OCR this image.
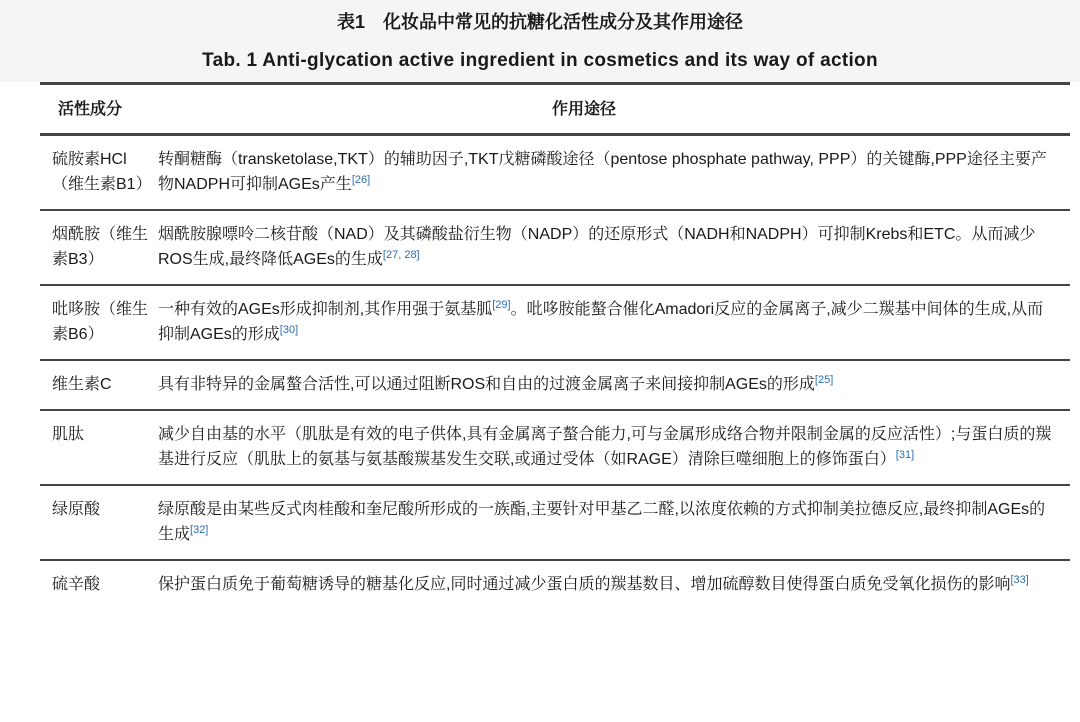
表1　化妆品中常见的抗糖化活性成分及其作用途径
Tab. 1 Anti-glycation active ingredient in cosmetics and its way of action
活性成分	作用途径
硫胺素HCl（维生素B1）	转酮糖酶（transketolase,TKT）的辅助因子,TKT戊糖磷酸途径（pentose phosphate pathway, PPP）的关键酶,PPP途径主要产物NADPH可抑制AGEs产生[26]
烟酰胺（维生素B3）	烟酰胺腺嘌呤二核苷酸（NAD）及其磷酸盐衍生物（NADP）的还原形式（NADH和NADPH）可抑制Krebs和ETC。从而减少ROS生成,最终降低AGEs的生成[27, 28]
吡哆胺（维生素B6）	一种有效的AGEs形成抑制剂,其作用强于氨基胍[29]。吡哆胺能螯合催化Amadori反应的金属离子,减少二羰基中间体的生成,从而抑制AGEs的形成[30]
维生素C	具有非特异的金属螯合活性,可以通过阻断ROS和自由的过渡金属离子来间接抑制AGEs的形成[25]
肌肽	减少自由基的水平（肌肽是有效的电子供体,具有金属离子螯合能力,可与金属形成络合物并限制金属的反应活性）;与蛋白质的羰基进行反应（肌肽上的氨基与氨基酸羰基发生交联,或通过受体（如RAGE）清除巨噬细胞上的修饰蛋白）[31]
绿原酸	绿原酸是由某些反式肉桂酸和奎尼酸所形成的一族酯,主要针对甲基乙二醛,以浓度依赖的方式抑制美拉德反应,最终抑制AGEs的生成[32]
硫辛酸	保护蛋白质免于葡萄糖诱导的糖基化反应,同时通过减少蛋白质的羰基数目、增加硫醇数目使得蛋白质免受氧化损伤的影响[33]
